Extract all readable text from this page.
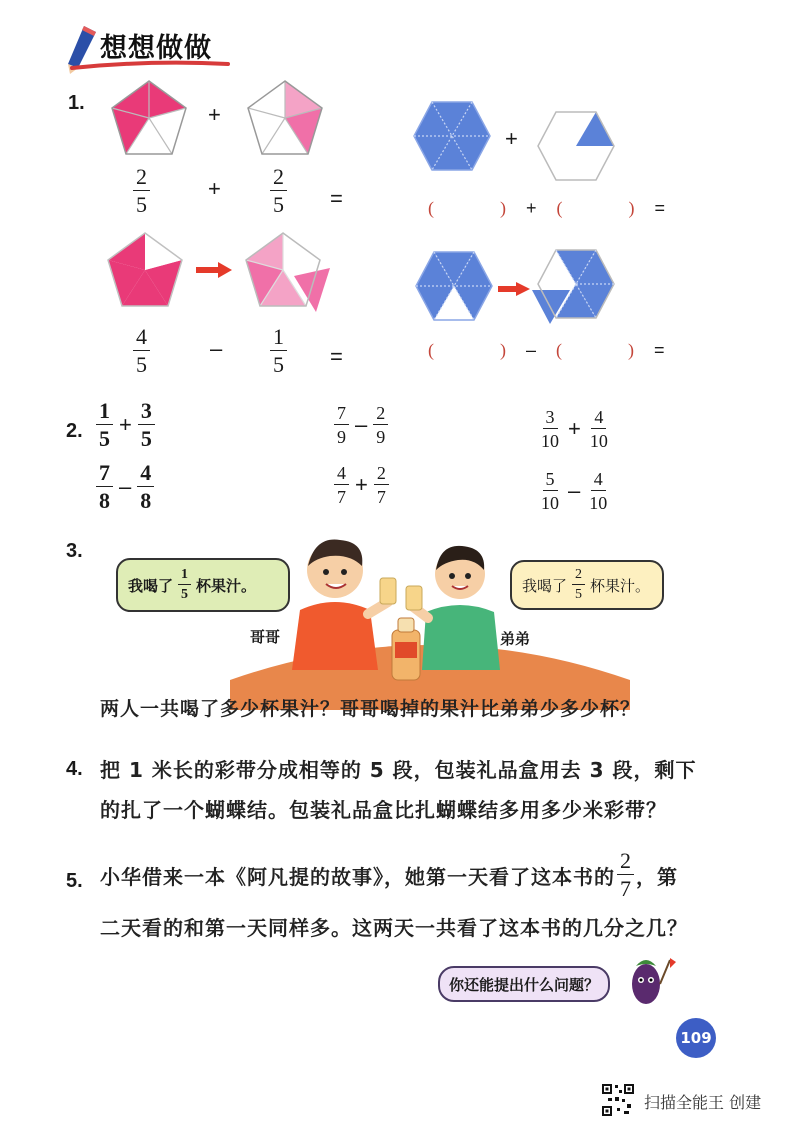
想想做做
1.	+
+
$\frac{2}{5}$	+ $\frac{2}{5}$ =	(	) + (	) =
$\frac{4}{5}$	– $\frac{1}{5}$ =	(	) – (	) =
2. $\frac{1}{5} + \frac{3}{5}$	$\frac{7}{9} - \frac{2}{9}$	$\frac{3}{10} + \frac{4}{10}$
$\frac{7}{8} - \frac{4}{8}$	$\frac{4}{7} + \frac{2}{7}$	$\frac{5}{10} - \frac{4}{10}$
3.
我喝了 $\frac{1}{5}$ 杯果汁。	我喝了 $\frac{2}{5}$ 杯果汁。
哥哥	弟弟
两人一共喝了多少杯果汁？哥哥喝掉的果汁比弟弟少多少杯？
4. 把 1 米长的彩带分成相等的 5 段，包装礼品盒用去 3 段，剩下
的扎了一个蝴蝶结。包装礼品盒比扎蝴蝶结多用多少米彩带？
5. 小华借来一本《阿凡提的故事》，她第一天看了这本书的 $\frac{2}{7}$ ，第
二天看的和第一天同样多。这两天一共看了这本书的几分之几？
你还能提出什么问题？
109
扫描全能王 创建
